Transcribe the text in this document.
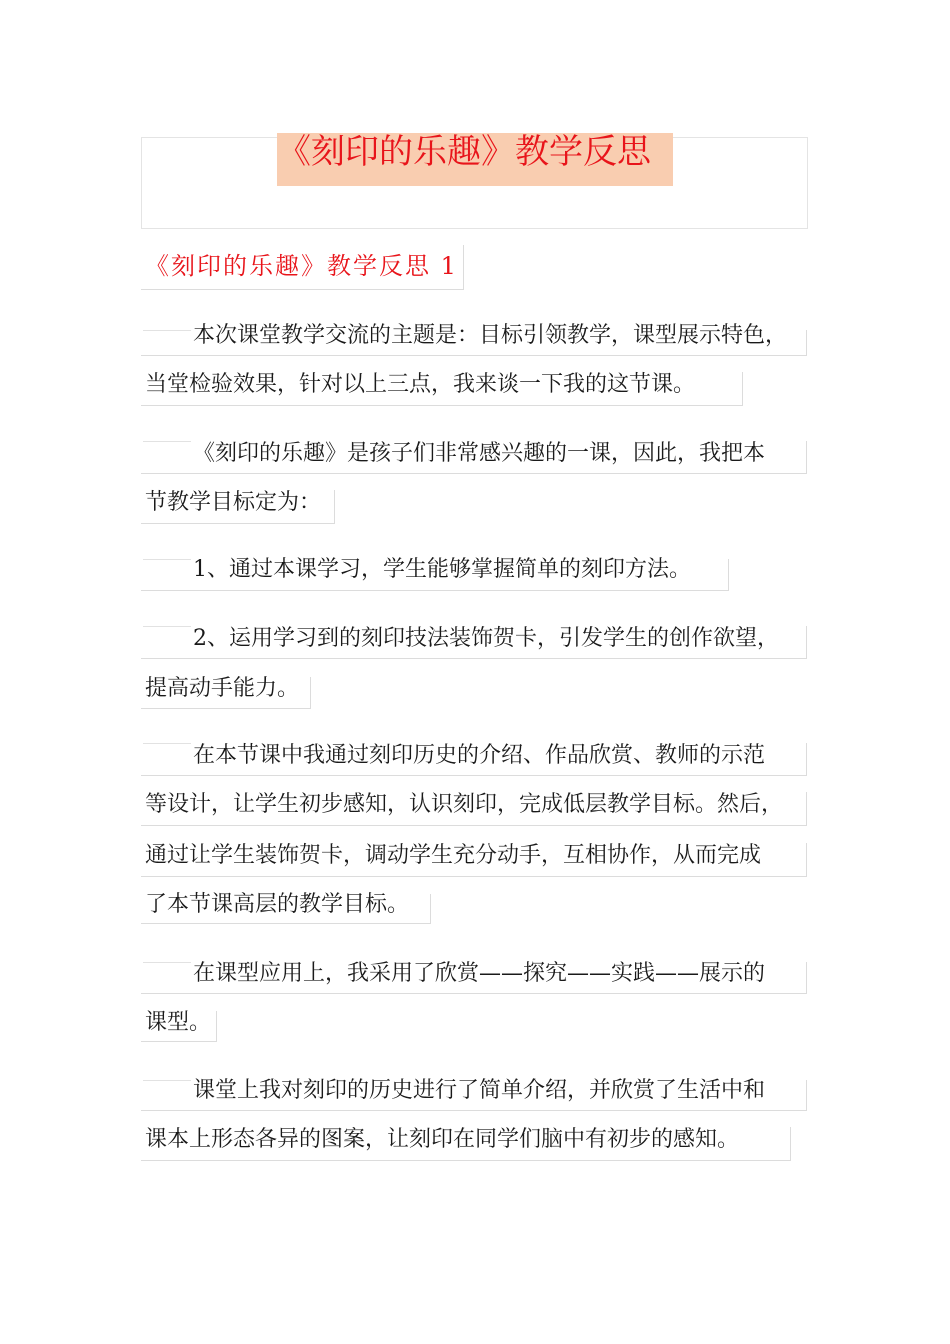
《刻印的乐趣》教学反思
《刻印的乐趣》教学反思 1
本次课堂教学交流的主题是：目标引领教学，课型展示特色，
当堂检验效果，针对以上三点，我来谈一下我的这节课。
《刻印的乐趣》是孩子们非常感兴趣的一课，因此，我把本
节教学目标定为：
1、通过本课学习，学生能够掌握简单的刻印方法。
2、运用学习到的刻印技法装饰贺卡，引发学生的创作欲望，
提高动手能力。
在本节课中我通过刻印历史的介绍、作品欣赏、教师的示范
等设计，让学生初步感知，认识刻印，完成低层教学目标。然后，
通过让学生装饰贺卡，调动学生充分动手，互相协作，从而完成
了本节课高层的教学目标。
在课型应用上，我采用了欣赏——探究——实践——展示的
课型。
课堂上我对刻印的历史进行了简单介绍，并欣赏了生活中和
课本上形态各异的图案，让刻印在同学们脑中有初步的感知。
